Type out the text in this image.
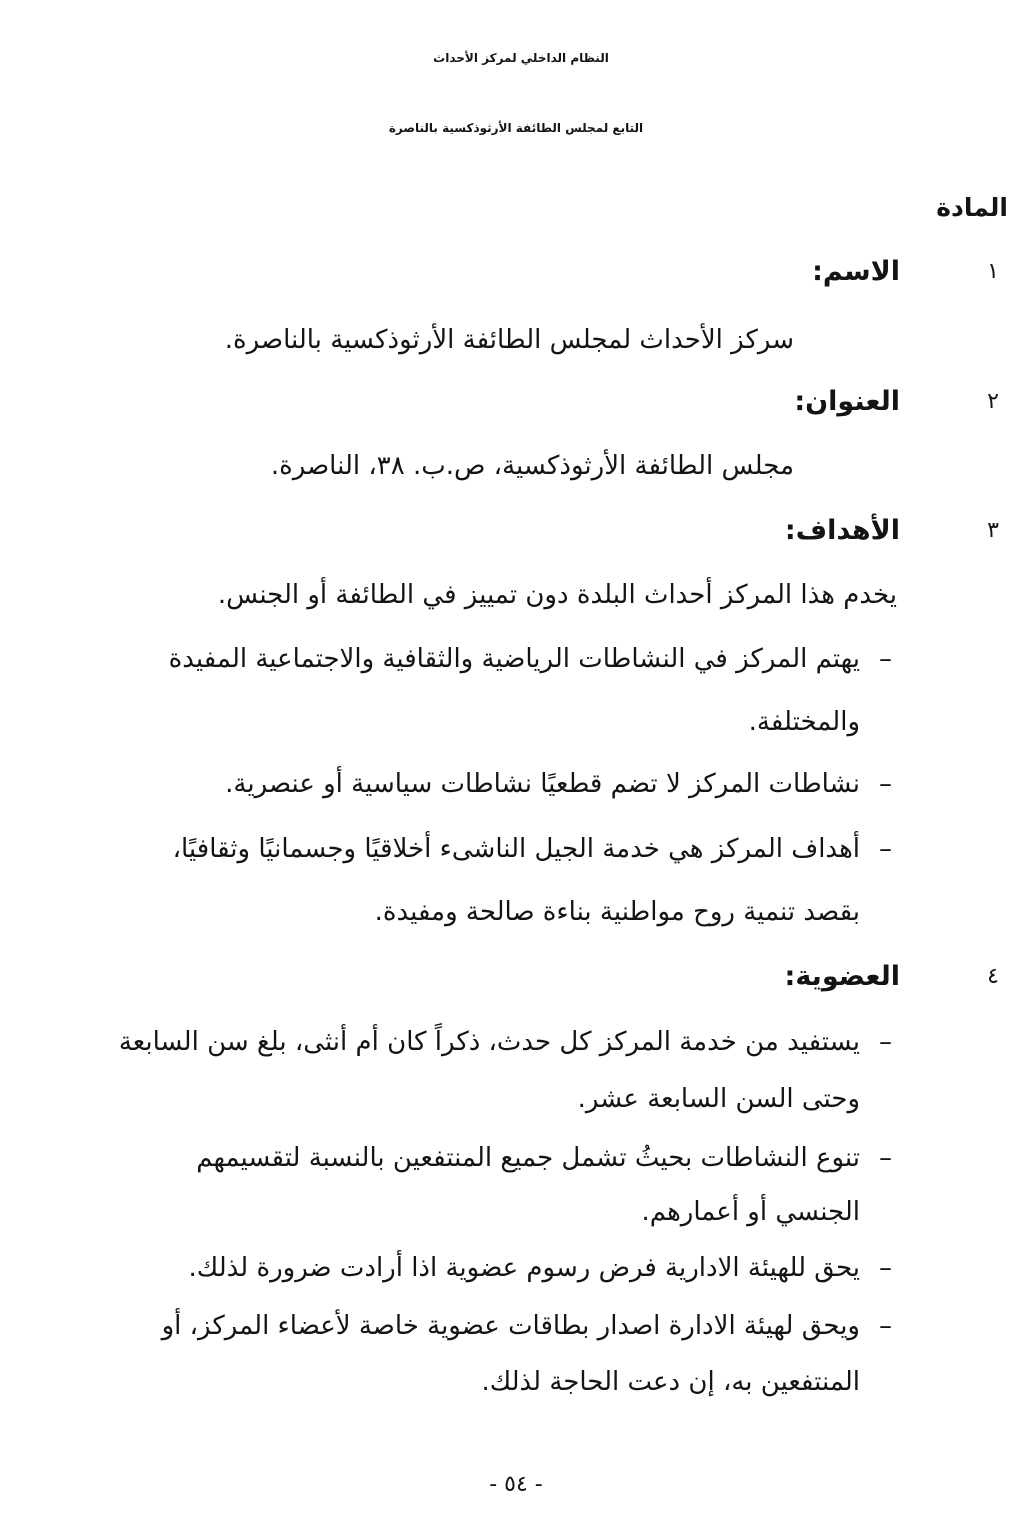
النظام الداخلي لمركز الأحداث
التابع لمجلس الطائفة الأرثوذكسية بالناصرة
المادة
١
الاسم:
سركز الأحداث لمجلس الطائفة الأرثوذكسية بالناصرة.
٢
العنوان:
مجلس الطائفة الأرثوذكسية، ص.ب. ٣٨، الناصرة.
٣
الأهداف:
يخدم هذا المركز أحداث البلدة دون تمييز في الطائفة أو الجنس.
–
يهتم المركز في النشاطات الرياضية والثقافية والاجتماعية المفيدة
والمختلفة.
–
نشاطات المركز لا تضم قطعيًا نشاطات سياسية أو عنصرية.
–
أهداف المركز هي خدمة الجيل الناشىء أخلاقيًا وجسمانيًا وثقافيًا،
بقصد تنمية روح مواطنية بناءة صالحة ومفيدة.
٤
العضوية:
–
يستفيد من خدمة المركز كل حدث، ذكراً كان أم أنثى، بلغ سن السابعة
وحتى السن السابعة عشر.
–
تنوع النشاطات بحيثُ تشمل جميع المنتفعين بالنسبة لتقسيمهم
الجنسي أو أعمارهم.
–
يحق للهيئة الادارية فرض رسوم عضوية اذا أرادت ضرورة لذلك.
–
ويحق لهيئة الادارة اصدار بطاقات عضوية خاصة لأعضاء المركز، أو
المنتفعين به، إن دعت الحاجة لذلك.
- ٥٤ -
